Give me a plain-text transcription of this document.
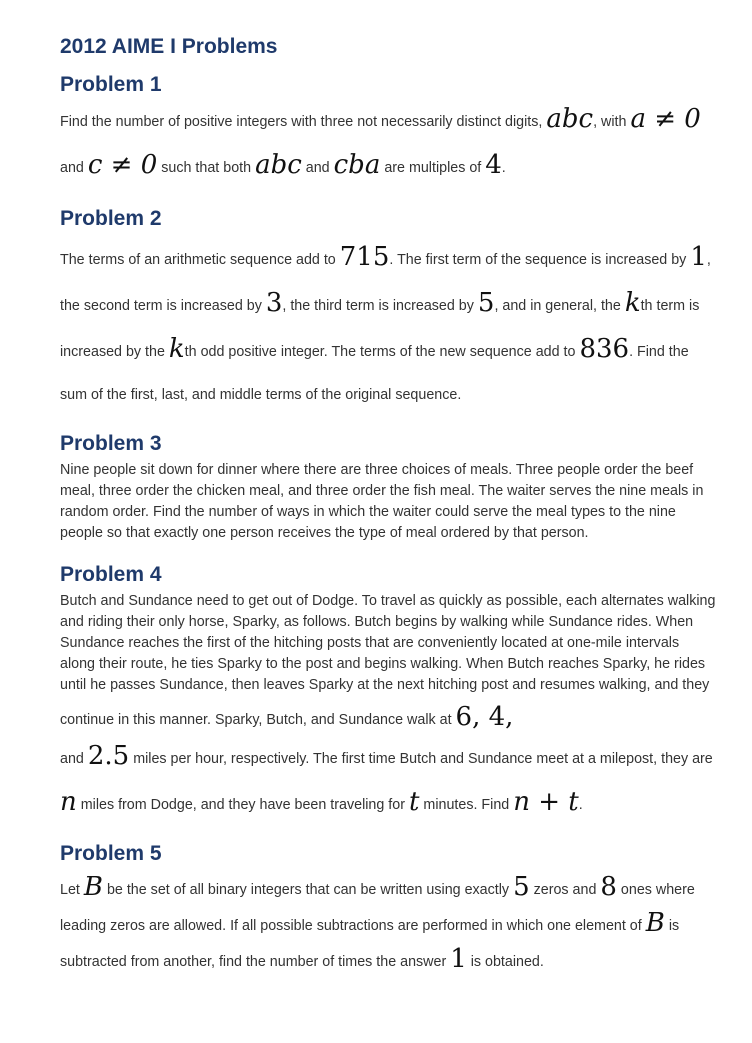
2012 AIME I Problems
Problem 1

Find the number of positive integers with three not necessarily distinct digits, abc, with a ≠ 0 and c ≠ 0 such that both abc and cba are multiples of 4.

Problem 2

The terms of an arithmetic sequence add to 715. The first term of the sequence is increased by 1, the second term is increased by 3, the third term is increased by 5, and in general, the kth term is increased by the kth odd positive integer. The terms of the new sequence add to 836. Find the sum of the first, last, and middle terms of the original sequence.

Problem 3

Nine people sit down for dinner where there are three choices of meals. Three people order the beef meal, three order the chicken meal, and three order the fish meal. The waiter serves the nine meals in random order. Find the number of ways in which the waiter could serve the meal types to the nine people so that exactly one person receives the type of meal ordered by that person.

Problem 4

Butch and Sundance need to get out of Dodge. To travel as quickly as possible, each alternates walking and riding their only horse, Sparky, as follows. Butch begins by walking while Sundance rides. When Sundance reaches the first of the hitching posts that are conveniently located at one-mile intervals along their route, he ties Sparky to the post and begins walking. When Butch reaches Sparky, he rides until he passes Sundance, then leaves Sparky at the next hitching post and resumes walking, and they continue in this manner. Sparky, Butch, and Sundance walk at 6, 4,

and 2.5 miles per hour, respectively. The first time Butch and Sundance meet at a milepost, they are n miles from Dodge, and they have been traveling for t minutes. Find n + t.

Problem 5

Let B be the set of all binary integers that can be written using exactly 5 zeros and 8 ones where leading zeros are allowed. If all possible subtractions are performed in which one element of B is subtracted from another, find the number of times the answer 1 is obtained.
